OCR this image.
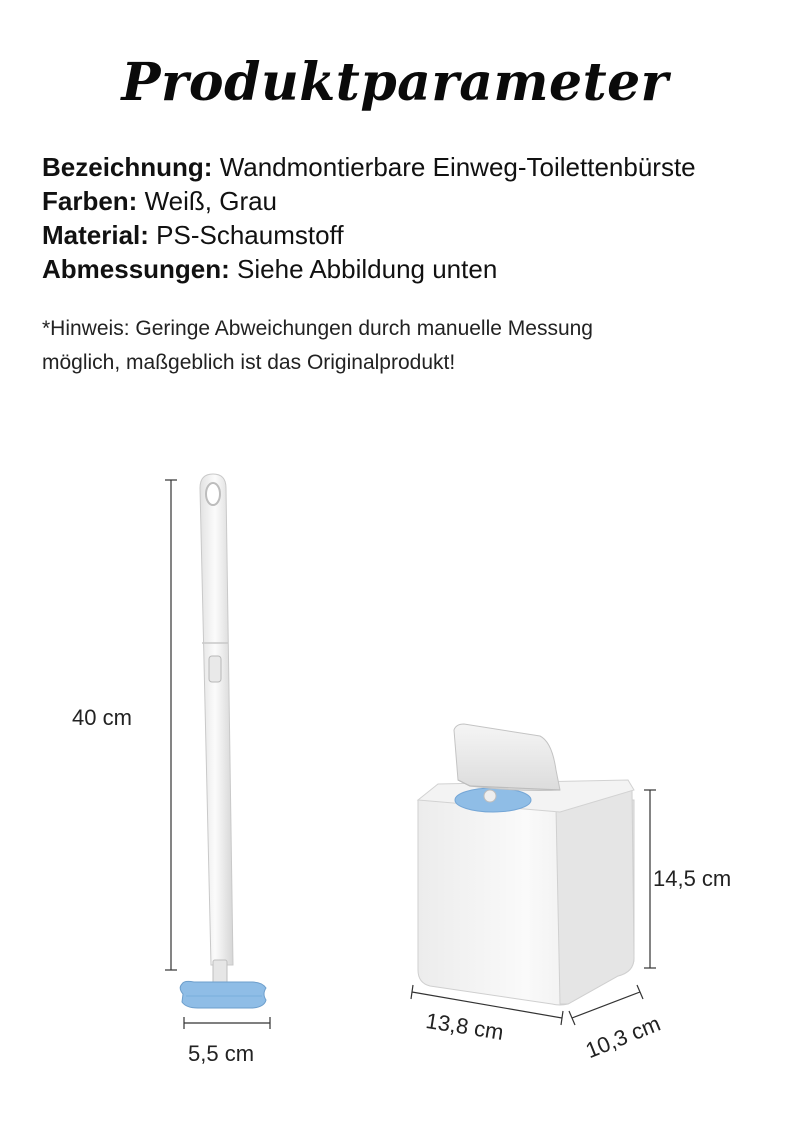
Produktparameter
Bezeichnung: Wandmontierbare Einweg-Toilettenbürste
Farben: Weiß, Grau
Material: PS-Schaumstoff
Abmessungen: Siehe Abbildung unten
*Hinweis: Geringe Abweichungen durch manuelle Messung
möglich, maßgeblich ist das Originalprodukt!
40 cm
5,5 cm
14,5 cm
13,8 cm	10,3 cm
